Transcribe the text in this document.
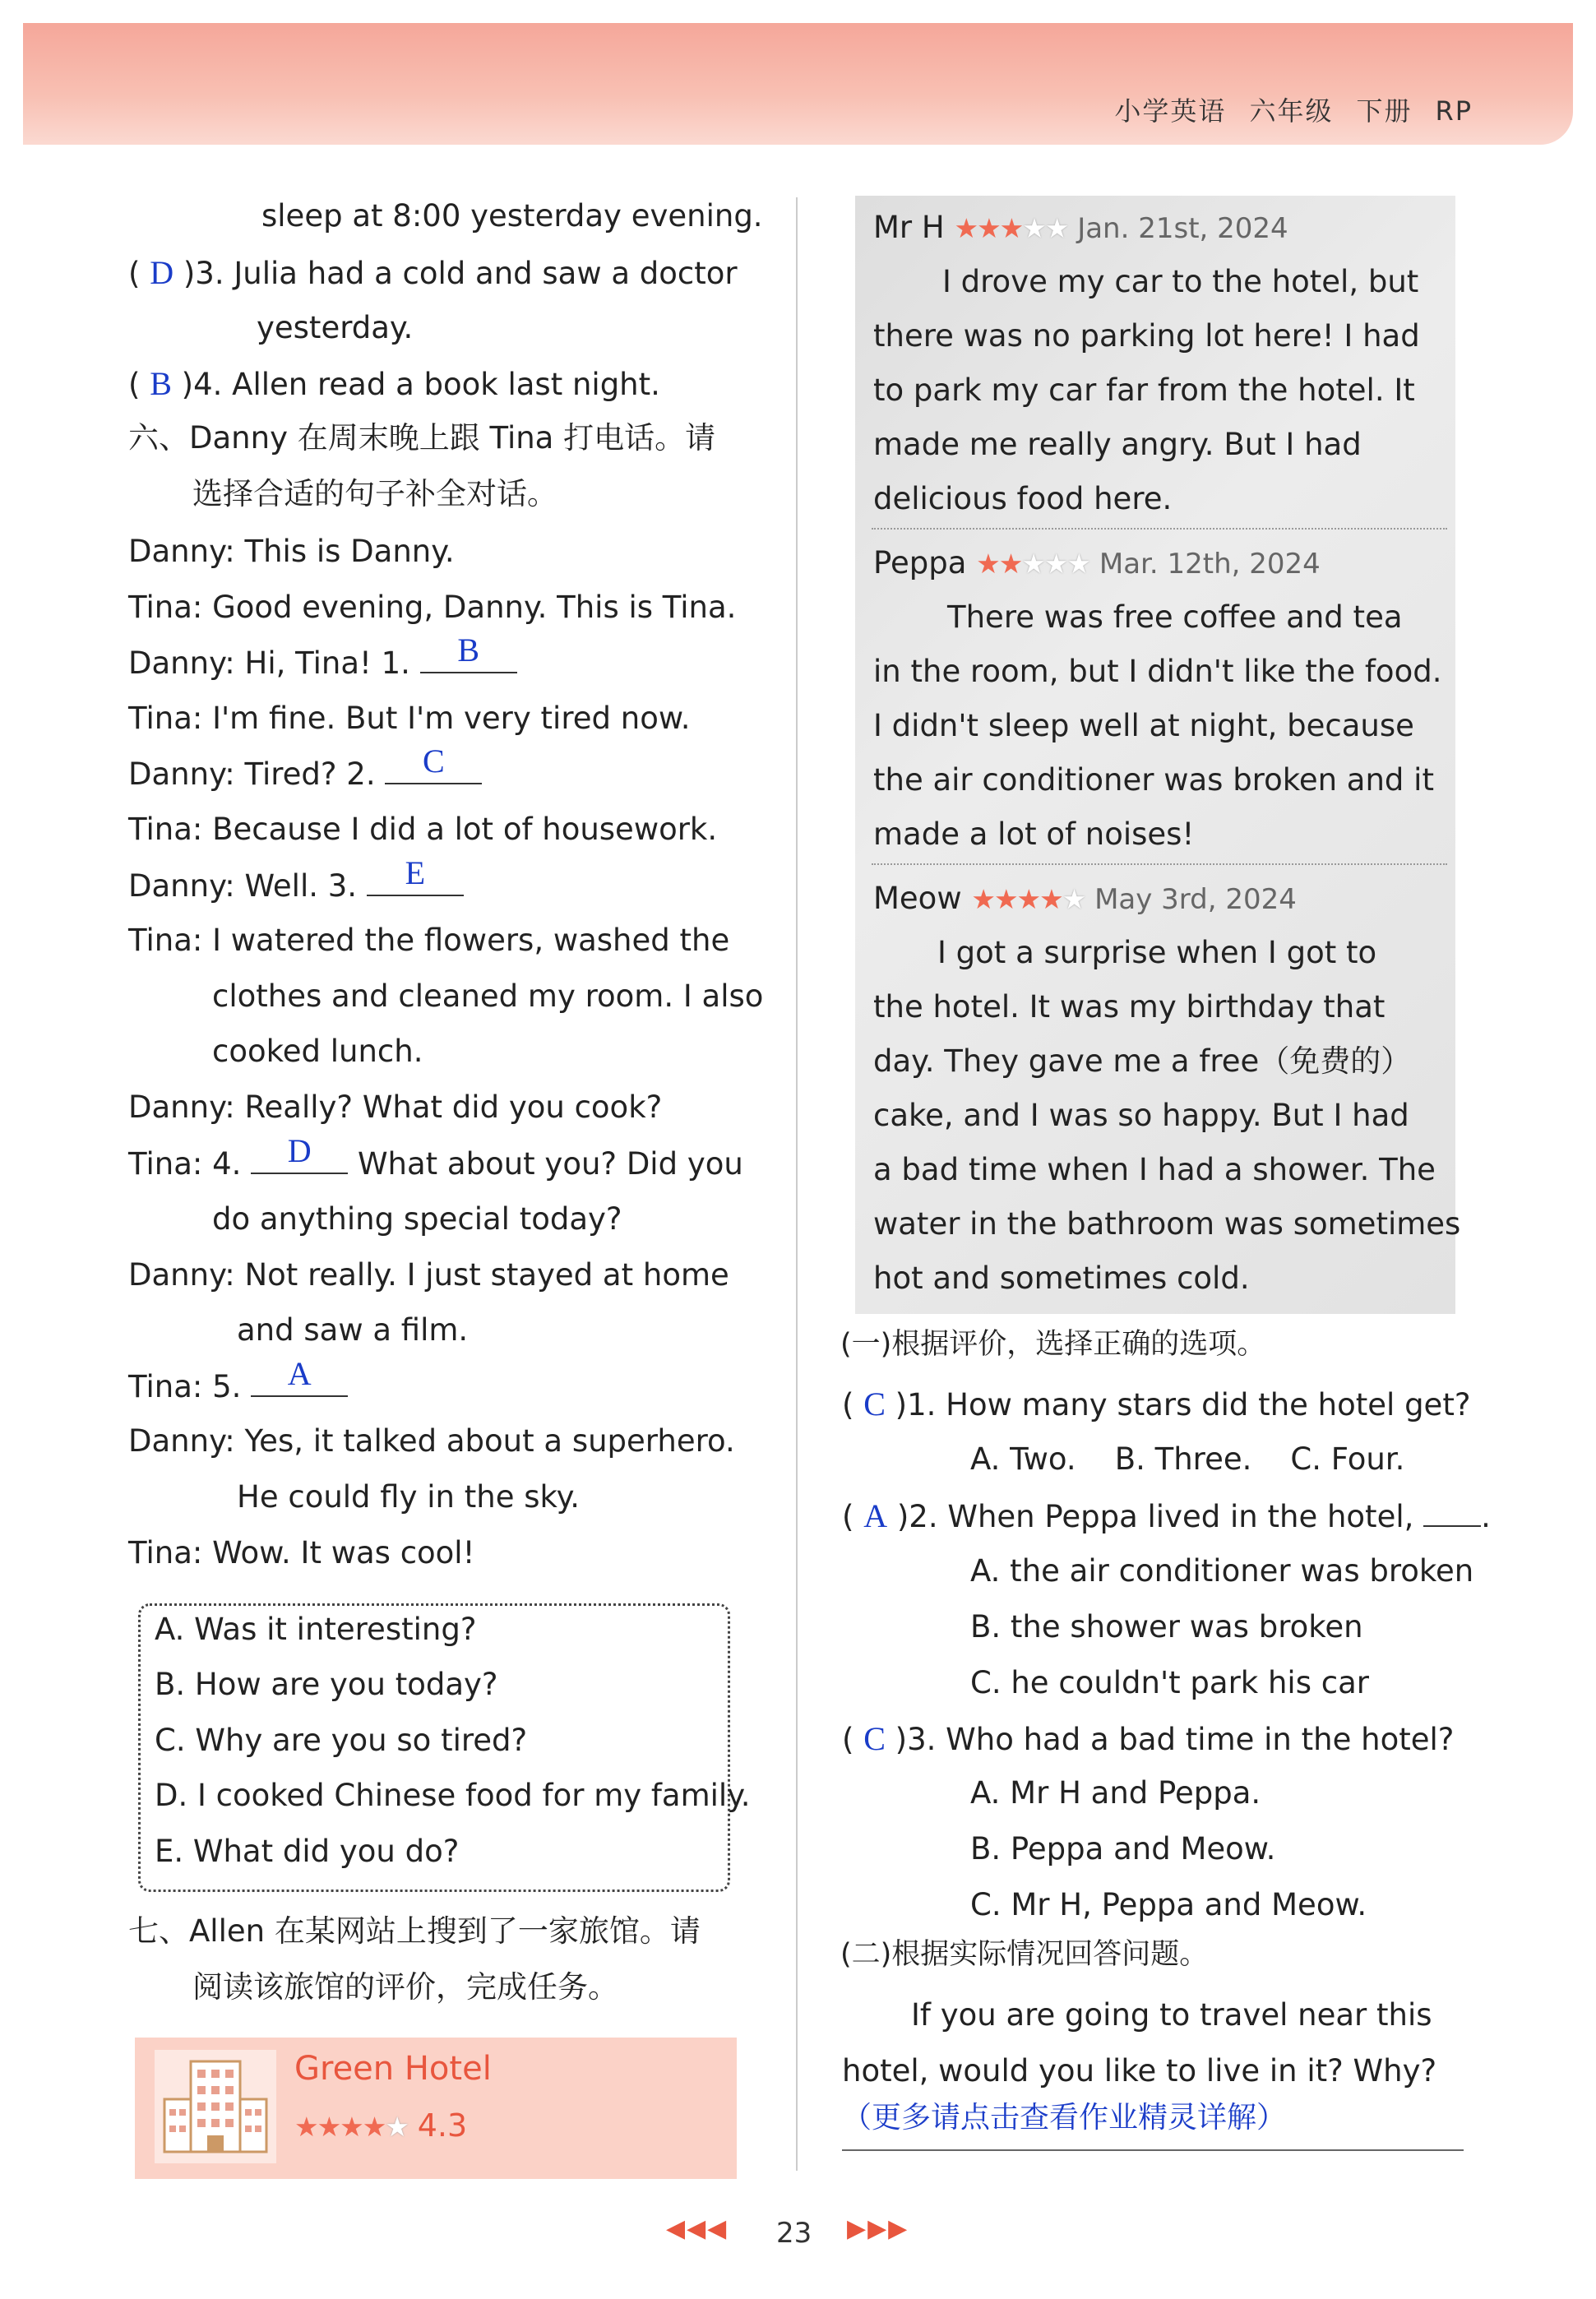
小学英语 六年级 下册 RP
sleep at 8:00 yesterday evening.
( D )3. Julia had a cold and saw a doctor
yesterday.
( B )4. Allen read a book last night.
六、Danny 在周末晚上跟 Tina 打电话。请
选择合适的句子补全对话。
Danny: This is Danny.
Tina: Good evening, Danny. This is Tina.
Danny: Hi, Tina! 1.	B
Tina: I'm fine. But I'm very tired now.
Danny: Tired? 2.	C
Tina: Because I did a lot of housework.
Danny: Well. 3.	E
Tina: I watered the flowers, washed the
clothes and cleaned my room. I also
cooked lunch.
Danny: Really? What did you cook?
Tina: 4.	D	What about you? Did you
do anything special today?
Danny: Not really. I just stayed at home
and saw a film.
Tina: 5.	A
Danny: Yes, it talked about a superhero.
He could fly in the sky.
Tina: Wow. It was cool!
A. Was it interesting?
B. How are you today?
C. Why are you so tired?
D. I cooked Chinese food for my family.
E. What did you do?
七、Allen 在某网站上搜到了一家旅馆。请
阅读该旅馆的评价，完成任务。
Green Hotel
★★★★★ 4.3
Mr H ★★★★★ Jan. 21st, 2024
I drove my car to the hotel, but
there was no parking lot here! I had
to park my car far from the hotel. It
made me really angry. But I had
delicious food here.
Peppa ★★★★★ Mar. 12th, 2024
There was free coffee and tea
in the room, but I didn't like the food.
I didn't sleep well at night, because
the air conditioner was broken and it
made a lot of noises!
Meow ★★★★★ May 3rd, 2024
I got a surprise when I got to
the hotel. It was my birthday that
day. They gave me a free（免费的）
cake, and I was so happy. But I had
a bad time when I had a shower. The
water in the bathroom was sometimes
hot and sometimes cold.
(一)根据评价，选择正确的选项。
( C )1. How many stars did the hotel get?
A. Two.    B. Three.    C. Four.
( A )2. When Peppa lived in the hotel, .
A. the air conditioner was broken
B. the shower was broken
C. he couldn't park his car
( C )3. Who had a bad time in the hotel?
A. Mr H and Peppa.
B. Peppa and Meow.
C. Mr H, Peppa and Meow.
(二)根据实际情况回答问题。
If you are going to travel near this
hotel, would you like to live in it? Why?
（更多请点击查看作业精灵详解）
◀◀◀ 23 ▶▶▶
